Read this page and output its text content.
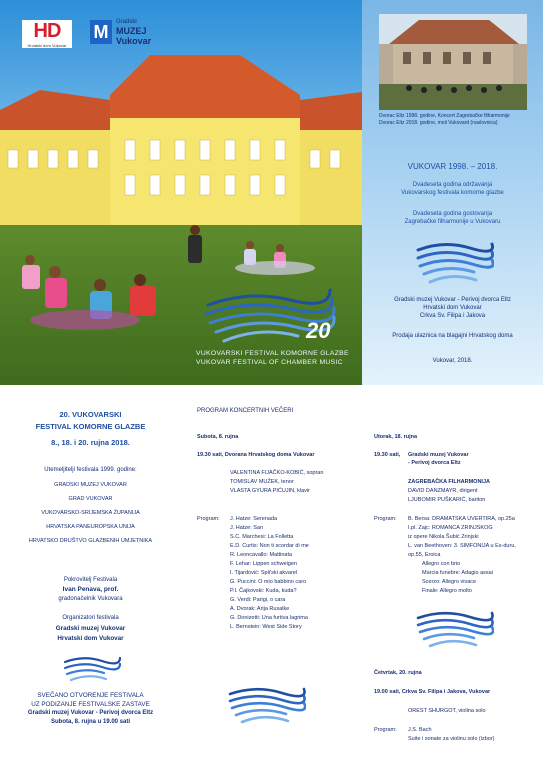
HD
Hrvatski dom Vukovar
M	Gradski
MUZEJ
Vukovar
20
VUKOVARSKI FESTIVAL KOMORNE GLAZBE
VUKOVAR FESTIVAL OF CHAMBER MUSIC
Dvorac Eltz 1998. godine, Koncert Zagrebačke filharmonije
Dvorac Eltz 2018. godine, moli Vukovard (naslovnica)
VUKOVAR 1998. – 2018.
Dvadeseta godina održavanja
Vukovarskog festivala komorne glazbe
Dvadeseta godina gostovanja
Zagrebačke filharmonije u Vukovaru
Gradski muzej Vukovar - Perivoj dvorca Eltz
Hrvatski dom Vukovar
Crkva Sv. Filipa i Jakova
Prodaja ulaznica na blagajni Hrvatskog doma
Vukovar, 2018.
20. VUKOVARSKI
FESTIVAL KOMORNE GLAZBE
8., 18. i 20. rujna 2018.
Utemeljitelji festivala 1999. godine:
GRADSKI MUZEJ VUKOVAR
GRAD VUKOVAR
VUKOVARSKO-SRIJEMSKA ŽUPANIJA
HRVATSKA PANEUROPSKA UNIJA
HRVATSKO DRUŠTVO GLAZBENIH UMJETNIKA
Pokrovitelj Festivala
Ivan Penava, prof.
gradonačelnik Vukovara
Organizatori festivala
Gradski muzej Vukovar
Hrvatski dom Vukovar
SVEČANO OTVORENJE FESTIVALA
UZ PODIZANJE FESTIVALSKE ZASTAVE
Gradski muzej Vukovar - Perivoj dvorca Eltz
Subota, 8. rujna u 19.00 sati
PROGRAM KONCERTNIH VEČERI
Subota, 8. rujna
19.30 sati, Dvorana Hrvatskog doma Vukovar
VALENTINA FIJAČKO-KOBIĆ, sopran
TOMISLAV MUŽEK, tenor
VLASTA GYURA PIĆUJIN, klavir
Program: J. Hatze: Serenada
J. Hatze: San
S.C. Marchesi: La Folletta
E.D. Curtis: Non ti scordar di me
R. Leoncavallo: Mattinata
F. Lehar: Lippen schweigen
I. Tijardović: Spli'ski akvarel
G. Puccini: O mio babbino caro
P.I. Čajkovski: Kuda, kuda?
G. Verdi: Parigi, o cara
A. Dvorak: Arija Rusalke
G. Donizetti: Una furtiva lagrima
L. Bernstein: West Side Story
Utorak, 18. rujna
19.30 sati, Gradski muzej Vukovar
- Perivoj dvorca Eltz
ZAGREBAČKA FILHARMONIJA
DAVID DANZMAYR, dirigent
LJUBOMIR PUŠKARIĆ, bariton
Program: B. Bersa: DRAMATSKA UVERTIRA, op.25a
I.pl. Zajc: ROMANCA ZRINJSKOG
iz opere Nikola Šubić Zrinjski
L. van Beethoven: 3. SIMFONIJA u Es-duru,
op.55, Eroica
Allegro con brio
Marcia funebre: Adagio assai
Scerzo: Allegro vivace
Finale: Allegro molto
Četvrtak, 20. rujna
19.00 sati, Crkva Sv. Filipa i Jakova, Vukovar
OREST SHURGOT, violina solo
Program: J.S. Bach
Suite i sonate za violinu solo (izbor)
